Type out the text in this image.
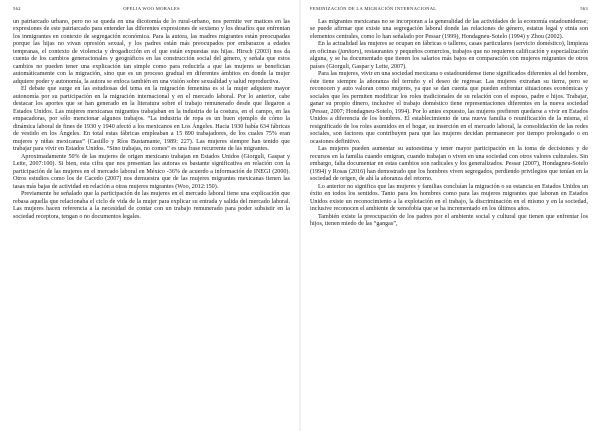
562	OFELIA WOO MORALES

un patriarcado urbano, pero no se queda en una dicotomía de lo rural-urbano, nos permite ver matices en las expresiones de este patriarcado para entender las diferentes expresiones de sexismo y los desafíos que enfrentan los inmigrantes en contexto de segregación económica. Para la autora, las madres migrantes están preocupadas porque las hijas no vivan opresión sexual, y los padres están más preocupados por embarazos a edades tempranas, el contexto de violencia y drogadicción en el que están expuestas sus hijas. Hirsch (2003) nos da cuenta de los cambios generacionales y geográficos en las construcción social del género, y señala que estos cambios no pueden tener una explicación tan simple como para reducirla a que las mujeres se benefician automáticamente con la migración, sino que es un proceso gradual en diferentes ámbitos en donde la mujer adquiere poder y autonomía, la autora se enfoca también en una visión sobre sexualidad y salud reproductiva.

El debate que surge en las estudiosas del tema en la migración femenina es si la mujer adquiere mayor autonomía por su participación en la migración internacional y en el mercado laboral. Por lo anterior, cabe destacar los aportes que se han generado en la literatura sobre el trabajo remunerado desde que llegaron a Estados Unidos. Las mujeres mexicanas migrantes trabajaban en la industria de la costura, en el campo, en las empacadoras, por sólo mencionar algunos trabajos. “La industria de ropa es un buen ejemplo de cómo la dinámica laboral de fines de 1930 y 1940 afectó a los mexicanos en Los Ángeles. Hacia 1930 había 634 fábricas de vestido en los Ángeles. En total estas fábricas empleaban a 15 890 trabajadores, de los cuales 75% eran mujeres y niñas mexicanas” (Castillo y Ríos Bustamante, 1989: 227). Las mujeres siempre han tenido que trabajar para vivir en Estados Unidos. “Sino trabajas, no comes” es una frase recurrente de las migrantes.

Aproximadamente 50% de las mujeres de origen mexicano trabajan en Estados Unidos (Giorguli, Gaspar y Leite, 2007:100). Si bien, esta cifra que nos presentan las autoras es bastante significativa en relación con la participación de las mujeres en el mercado laboral en México -36% de acuerdo a información de INEGI (2000). Otros estudios como los de Cacedo (2007) nos demuestra que de las mujeres migrantes mexicanas tienen las tasas más bajas de actividad en relación a otras mujeres migrantes (Woo, 2012:150).

Previamente he señalado que la participación de las mujeres en el mercado laboral tiene una explicación que rebasa aquella que relacionaba el ciclo de vida de la mujer para explicar su entrada y salida del mercado laboral. Las mujeres hacen referencia a la necesidad de contar con un trabajo remunerado para poder subsistir en la sociedad receptora, tengan o no documentos legales.

FEMINIZACIÓN DE LA MIGRACIÓN INTERNACIONAL	563

Las migrantes mexicanas no se incorporan a la generalidad de las actividades de la economía estadounidense; se puede afirmar que existe una segregación laboral donde las relaciones de género, estatus legal y etnia son elementos centrales, como lo han señalado por Pessar (1999), Hondagneu-Sotelo (1994) y Zhou (2002).

En la actualidad las mujeres se ocupan en fábricas o talleres, casas particulares (servicio doméstico), limpieza en oficinas (janitors), restaurantes y pequeños comercios, trabajos que no requieren calificación y especialización alguna, y se ha documentado que tienen los salarios más bajos en comparación con mujeres migrantes de otros países (Giorguli, Gaspar y Leite, 2007).

Para las mujeres, vivir en una sociedad mexicana o estadounidense tiene significados diferentes al del hombre, éste tiene siempre la añoranza del terruño y el deseo de regresar. Las mujeres extrañan su tierra, pero se reconocen y auto valoran como mujeres, ya que se dan cuenta que pueden enfrentar situaciones económicas y sociales que les permiten modificar los roles tradicionales de su relación con el esposo, padre e hijos. Trabajar, ganar su propio dinero, inclusive el trabajo doméstico tiene representaciones diferentes en la nueva sociedad (Pessar, 2007; Hondagneu-Sotelo, 1994). Por lo antes expuesto, las mujeres prefieren quedarse a vivir en Estados Unidos a diferencia de los hombres. El establecimiento de una nueva familia o reunificación de la misma, el resignificado de los roles asumidos en el hogar, su inserción en el mercado laboral, la consolidación de las redes sociales, son factores que contribuyen para que las mujeres decidan permanecer por tiempo prolongado o en ocasiones definitivo.

Las mujeres pueden aumentar su autoestima y tener mayor participación en la toma de decisiones y de recursos en la familia cuando emigran, cuando trabajan o viven en una sociedad con otros valores culturales. Sin embargo, falta documentar en estas cambios son radicales y los generalizados. Pessar (2007), Hondagneu-Sotelo (1994) y Rosas (2016) han demostrado que los hombres viven segregados, perdiendo privilegios que tenían en la sociedad de origen, de ahí la añoranza del retorno.

Lo anterior no significa que las mujeres y familias concluían la migración o su estancia en Estados Unidos un éxito en todos los sentidos. Tanto para los hombres como para las mujeres migrantes que laboran en Estados Unidos existe un reconocimiento a la explotación en el trabajo, la discriminación en el mismo y en la sociedad, inclusive reconocen el ambiente de xenofobia que se ha incrementado en los últimos años.

También existe la preocupación de los padres por el ambiente social y cultural que tienen que enfrentar los hijos, tienen miedo de las “gangas”,
